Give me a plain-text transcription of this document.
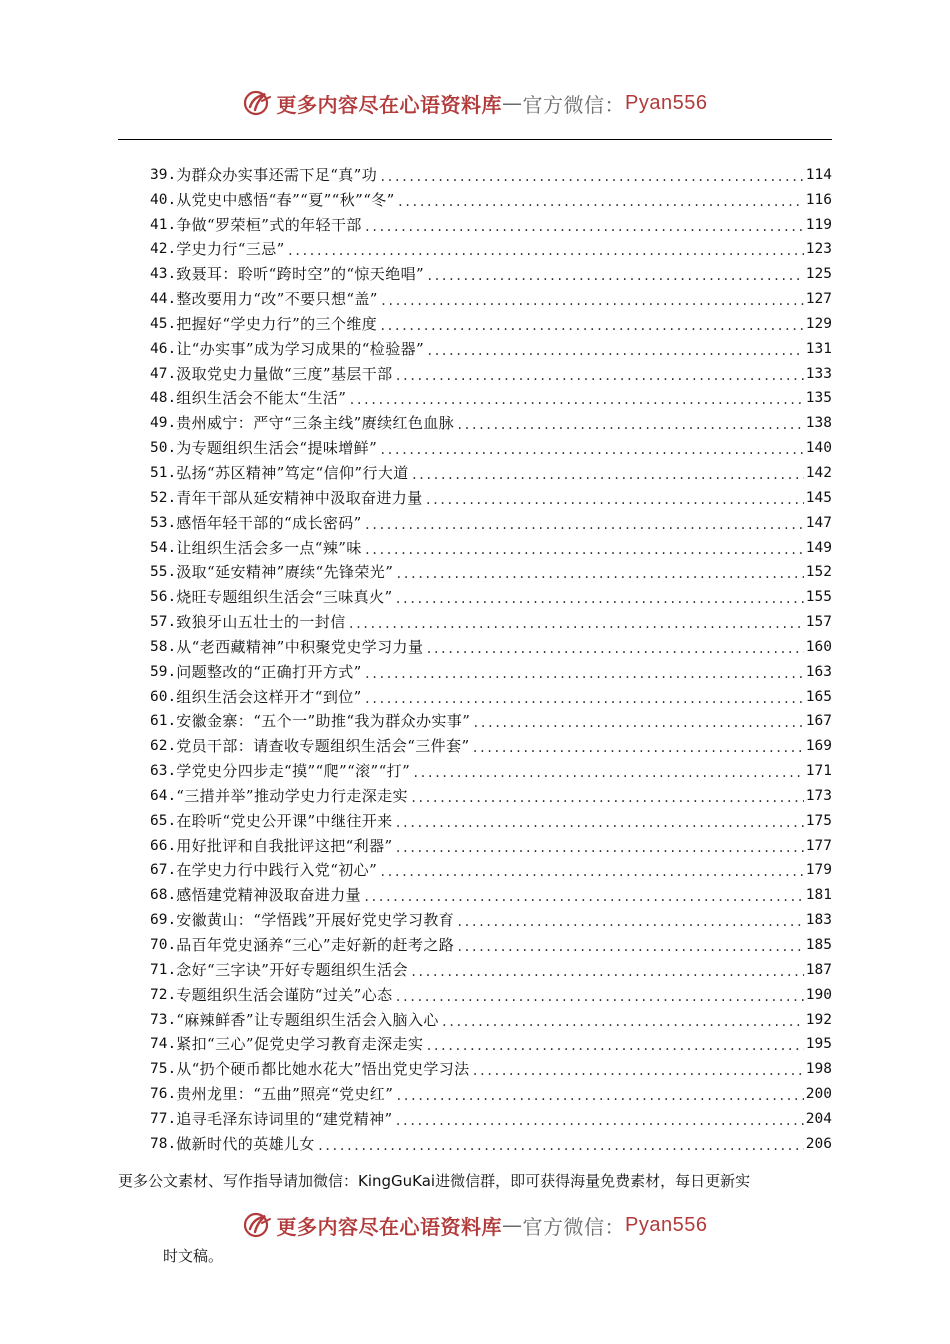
更多内容尽在心语资料库 — 官方微信： Pyan556
39. 为群众办实事还需下足“真”功 .....	114
40. 从党史中感悟“春”“夏”“秋”“冬” .....	116
41. 争做“罗荣桓”式的年轻干部 .....	119
42. 学史力行“三忌” .....	123
43. 致聂耳：聆听“跨时空”的“惊天绝唱” .....	125
44. 整改要用力“改”不要只想“盖” .....	127
45. 把握好“学史力行”的三个维度 .....	129
46. 让“办实事”成为学习成果的“检验器” .....	131
47. 汲取党史力量做“三度”基层干部 .....	133
48. 组织生活会不能太“生活” .....	135
49. 贵州威宁：严守“三条主线”赓续红色血脉 .....	138
50. 为专题组织生活会“提味增鲜” .....	140
51. 弘扬“苏区精神”笃定“信仰”行大道 .....	142
52. 青年干部从延安精神中汲取奋进力量 .....	145
53. 感悟年轻干部的“成长密码” .....	147
54. 让组织生活会多一点“辣”味 .....	149
55. 汲取“延安精神”赓续“先锋荣光” .....	152
56. 烧旺专题组织生活会“三味真火” .....	155
57. 致狼牙山五壮士的一封信 .....	157
58. 从“老西藏精神”中积聚党史学习力量 .....	160
59. 问题整改的“正确打开方式” .....	163
60. 组织生活会这样开才“到位” .....	165
61. 安徽金寨：“五个一”助推“我为群众办实事” .....	167
62. 党员干部：请查收专题组织生活会“三件套” .....	169
63. 学党史分四步走“摸”“爬”“滚”“打” .....	171
64. “三措并举”推动学史力行走深走实 .....	173
65. 在聆听“党史公开课”中继往开来 .....	175
66. 用好批评和自我批评这把“利器” .....	177
67. 在学史力行中践行入党“初心” .....	179
68. 感悟建党精神汲取奋进力量 .....	181
69. 安徽黄山：“学悟践”开展好党史学习教育 .....	183
70. 品百年党史涵养“三心”走好新的赶考之路 .....	185
71. 念好“三字诀”开好专题组织生活会 .....	187
72. 专题组织生活会谨防“过关”心态 .....	190
73. “麻辣鲜香”让专题组织生活会入脑入心 .....	192
74. 紧扣“三心”促党史学习教育走深走实 .....	195
75. 从“扔个硬币都比她水花大”悟出党史学习法 .....	198
76. 贵州龙里：“五曲”照亮“党史红” .....	200
77. 追寻毛泽东诗词里的“建党精神” .....	204
78. 做新时代的英雄儿女 .....	206
更多公文素材、写作指导请加微信：KingGuKai进微信群，即可获得海量免费素材，每日更新实
更多内容尽在心语资料库 — 官方微信： Pyan556
时文稿。
